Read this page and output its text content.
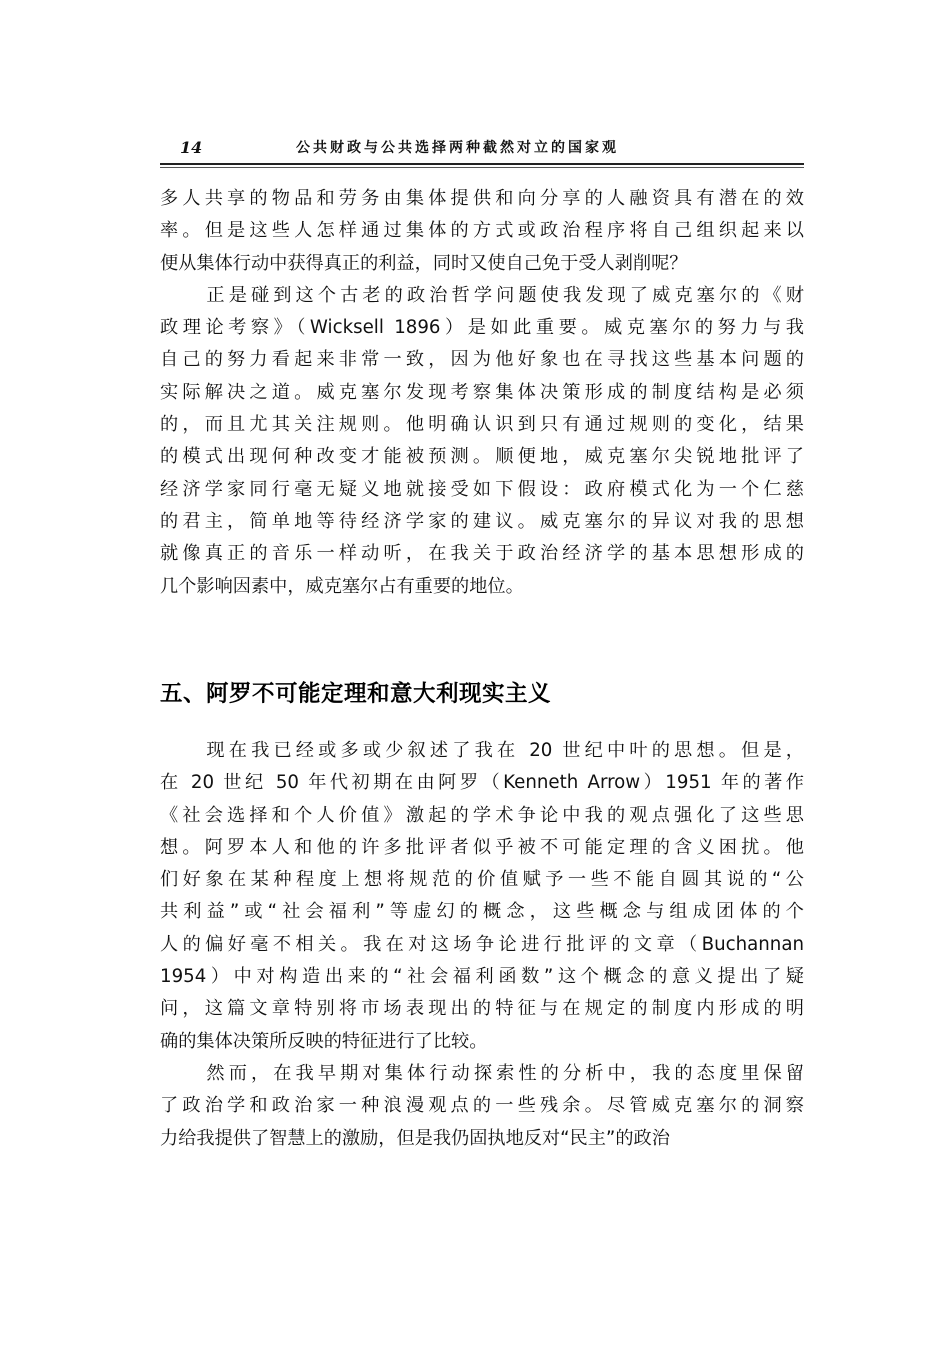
14	公共财政与公共选择两种截然对立的国家观
多人共享的物品和劳务由集体提供和向分享的人融资具有潜在的效
率。但是这些人怎样通过集体的方式或政治程序将自己组织起来以
便从集体行动中获得真正的利益，同时又使自己免于受人剥削呢？
正是碰到这个古老的政治哲学问题使我发现了威克塞尔的《财
政理论考察》（Wicksell 1896）是如此重要。威克塞尔的努力与我
自己的努力看起来非常一致，因为他好象也在寻找这些基本问题的
实际解决之道。威克塞尔发现考察集体决策形成的制度结构是必须
的，而且尤其关注规则。他明确认识到只有通过规则的变化，结果
的模式出现何种改变才能被预测。顺便地，威克塞尔尖锐地批评了
经济学家同行毫无疑义地就接受如下假设：政府模式化为一个仁慈
的君主，简单地等待经济学家的建议。威克塞尔的异议对我的思想
就像真正的音乐一样动听，在我关于政治经济学的基本思想形成的
几个影响因素中，威克塞尔占有重要的地位。
五、阿罗不可能定理和意大利现实主义
现在我已经或多或少叙述了我在 20 世纪中叶的思想。但是，
在 20 世纪 50 年代初期在由阿罗（Kenneth Arrow）1951 年的著作
《社会选择和个人价值》激起的学术争论中我的观点强化了这些思
想。阿罗本人和他的许多批评者似乎被不可能定理的含义困扰。他
们好象在某种程度上想将规范的价值赋予一些不能自圆其说的“公
共利益”或“社会福利”等虚幻的概念，这些概念与组成团体的个
人的偏好毫不相关。我在对这场争论进行批评的文章（Buchannan
1954）中对构造出来的“社会福利函数”这个概念的意义提出了疑
问，这篇文章特别将市场表现出的特征与在规定的制度内形成的明
确的集体决策所反映的特征进行了比较。
然而，在我早期对集体行动探索性的分析中，我的态度里保留
了政治学和政治家一种浪漫观点的一些残余。尽管威克塞尔的洞察
力给我提供了智慧上的激励，但是我仍固执地反对“民主”的政治
